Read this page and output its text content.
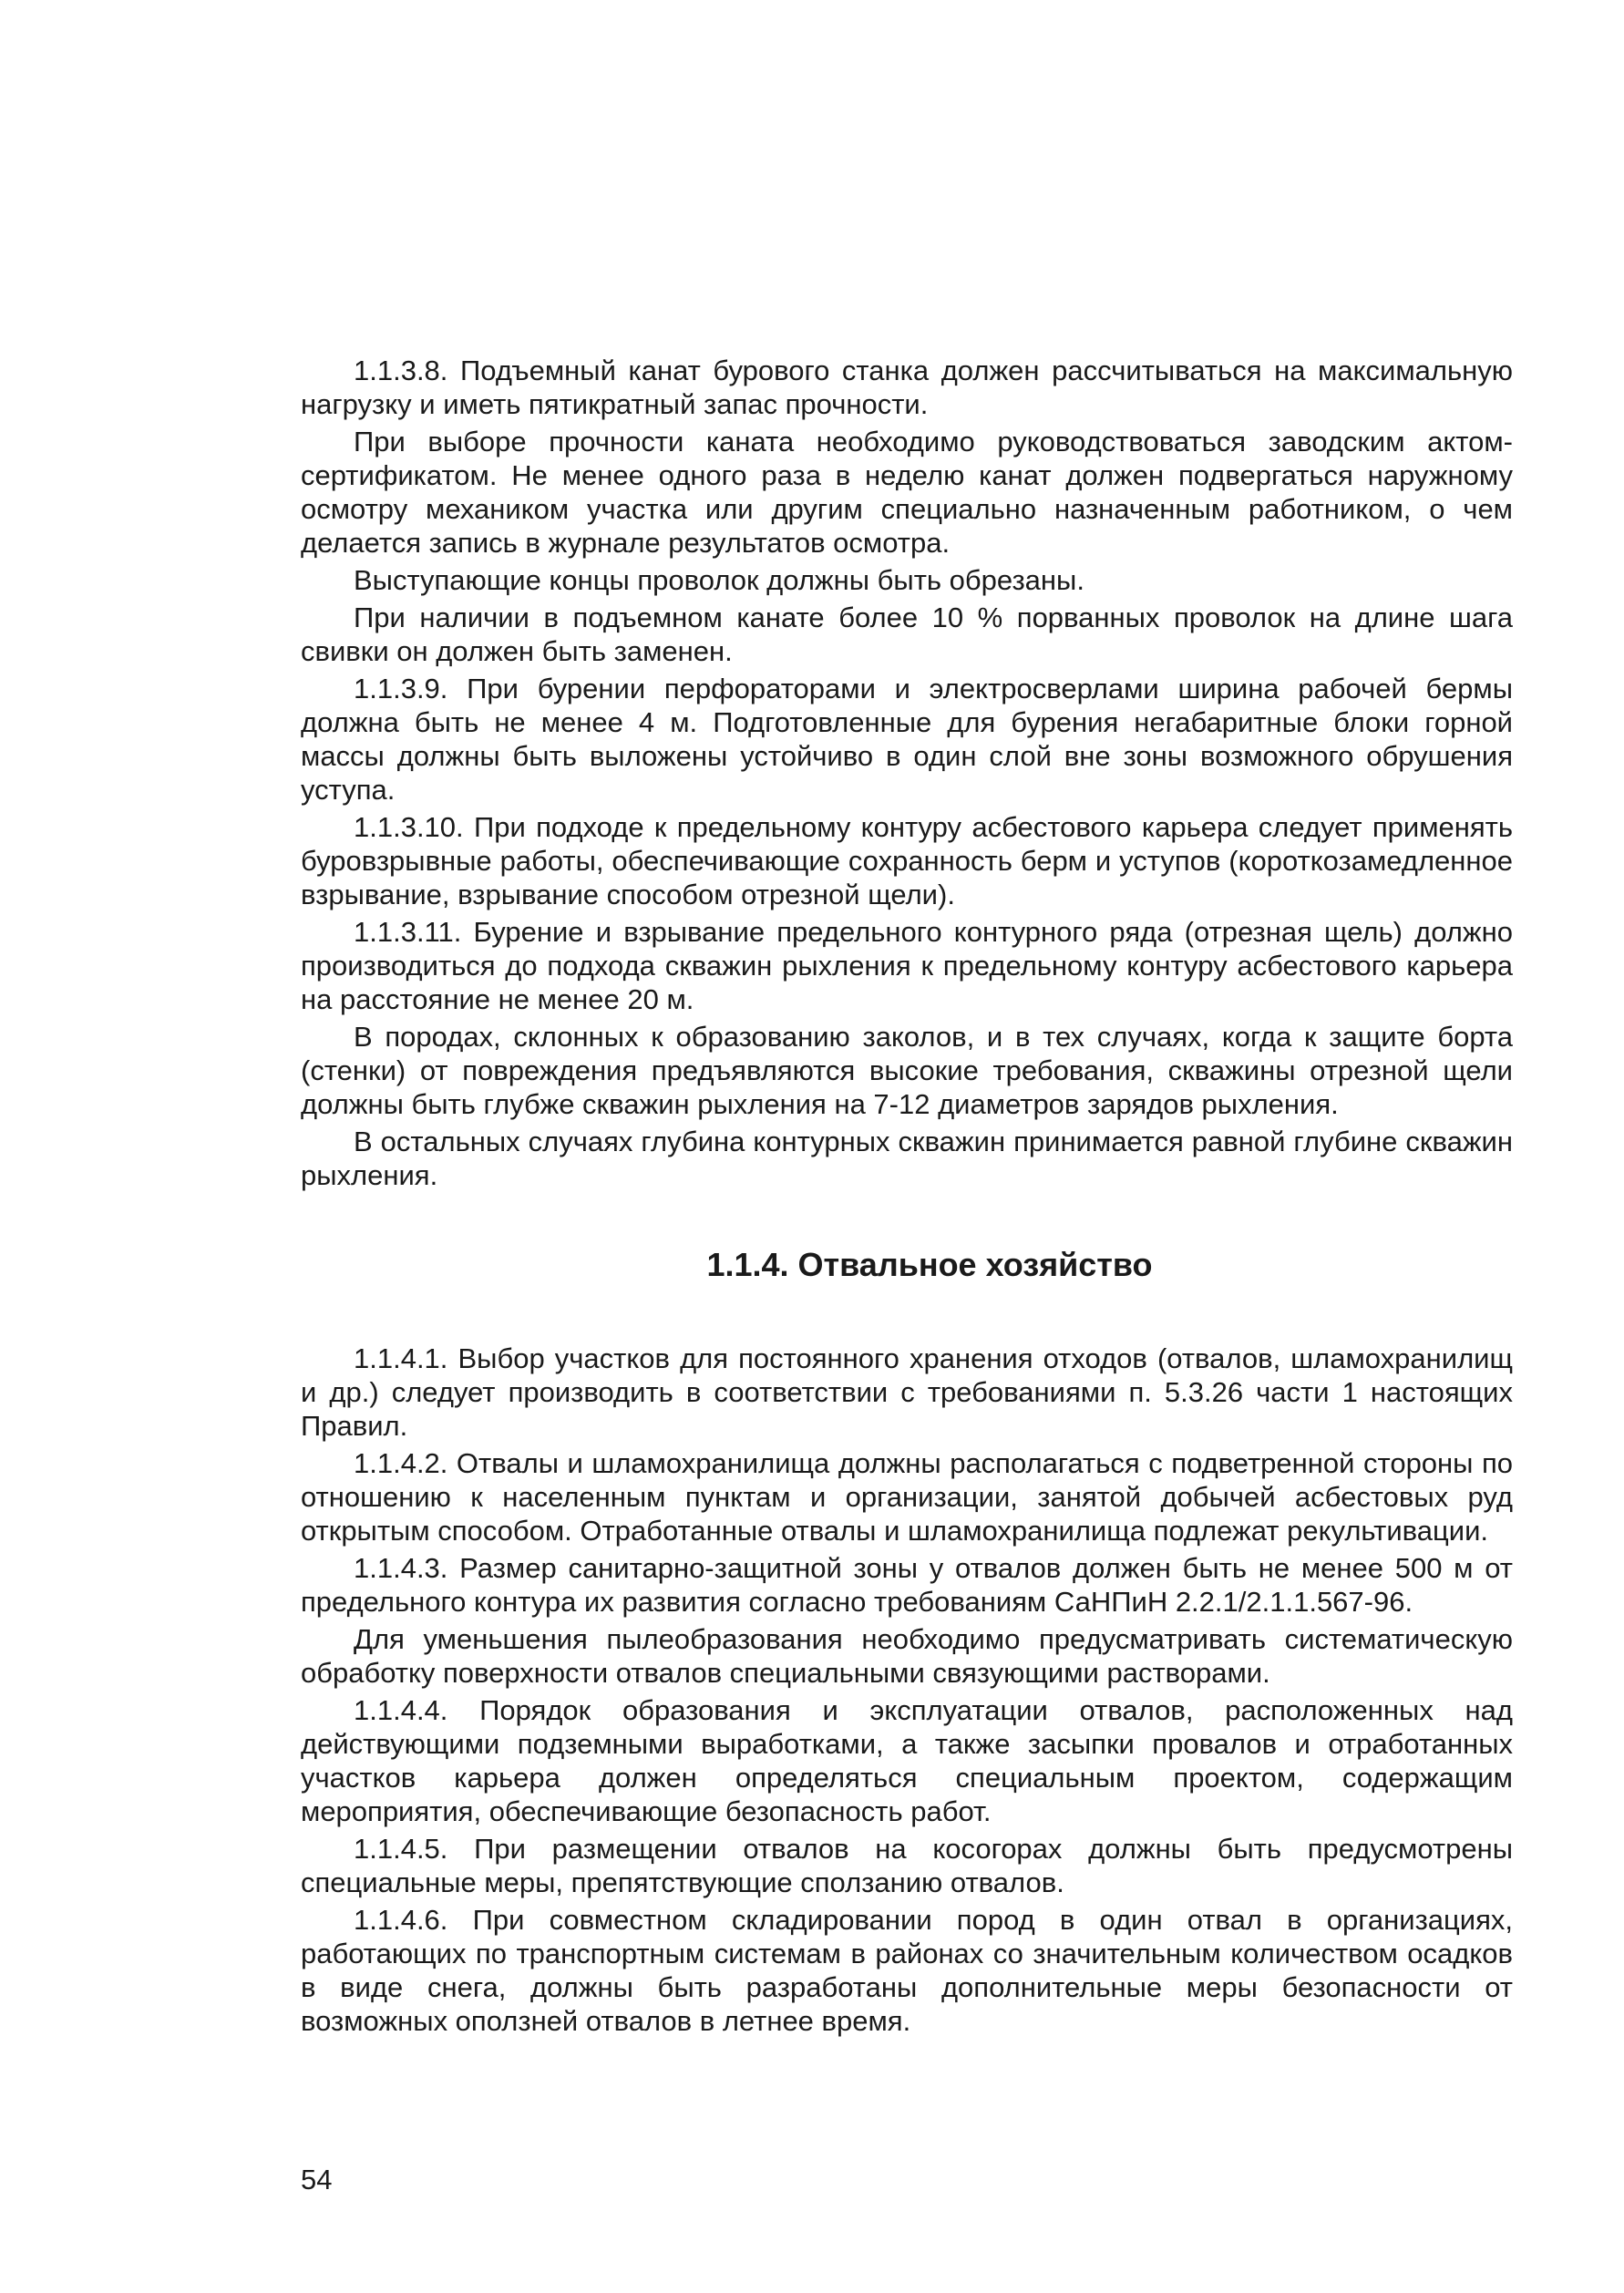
1.1.3.8. Подъемный канат бурового станка должен рассчитываться на максимальную нагрузку и иметь пятикратный запас прочности.

При выборе прочности каната необходимо руководствоваться заводским актом-сертификатом. Не менее одного раза в неделю канат должен подвергаться наружному осмотру механиком участка или другим специально назначенным работником, о чем делается запись в журнале результатов осмотра.

Выступающие концы проволок должны быть обрезаны.

При наличии в подъемном канате более 10 % порванных проволок на длине шага свивки он должен быть заменен.

1.1.3.9. При бурении перфораторами и электросверлами ширина рабочей бермы должна быть не менее 4 м. Подготовленные для бурения негабаритные блоки горной массы должны быть выложены устойчиво в один слой вне зоны возможного обрушения уступа.

1.1.3.10. При подходе к предельному контуру асбестового карьера следует применять буровзрывные работы, обеспечивающие сохранность берм и уступов (короткозамедленное взрывание, взрывание способом отрезной щели).

1.1.3.11. Бурение и взрывание предельного контурного ряда (отрезная щель) должно производиться до подхода скважин рыхления к предельному контуру асбестового карьера на расстояние не менее 20 м.

В породах, склонных к образованию заколов, и в тех случаях, когда к защите борта (стенки) от повреждения предъявляются высокие требования, скважины отрезной щели должны быть глубже скважин рыхления на 7-12 диаметров зарядов рыхления.

В остальных случаях глубина контурных скважин принимается равной глубине скважин рыхления.

1.1.4. Отвальное хозяйство

1.1.4.1. Выбор участков для постоянного хранения отходов (отвалов, шламохранилищ и др.) следует производить в соответствии с требованиями п. 5.3.26 части 1 настоящих Правил.

1.1.4.2. Отвалы и шламохранилища должны располагаться с подветренной стороны по отношению к населенным пунктам и организации, занятой добычей асбестовых руд открытым способом. Отработанные отвалы и шламохранилища подлежат рекультивации.

1.1.4.3. Размер санитарно-защитной зоны у отвалов должен быть не менее 500 м от предельного контура их развития согласно требованиям СаНПиН 2.2.1/2.1.1.567-96.

Для уменьшения пылеобразования необходимо предусматривать систематическую обработку поверхности отвалов специальными связующими растворами.

1.1.4.4. Порядок образования и эксплуатации отвалов, расположенных над действующими подземными выработками, а также засыпки провалов и отработанных участков карьера должен определяться специальным проектом, содержащим мероприятия, обеспечивающие безопасность работ.

1.1.4.5. При размещении отвалов на косогорах должны быть предусмотрены специальные меры, препятствующие сползанию отвалов.

1.1.4.6. При совместном складировании пород в один отвал в организациях, работающих по транспортным системам в районах со значительным количеством осадков в виде снега, должны быть разработаны дополнительные меры безопасности от возможных оползней отвалов в летнее время.

54
